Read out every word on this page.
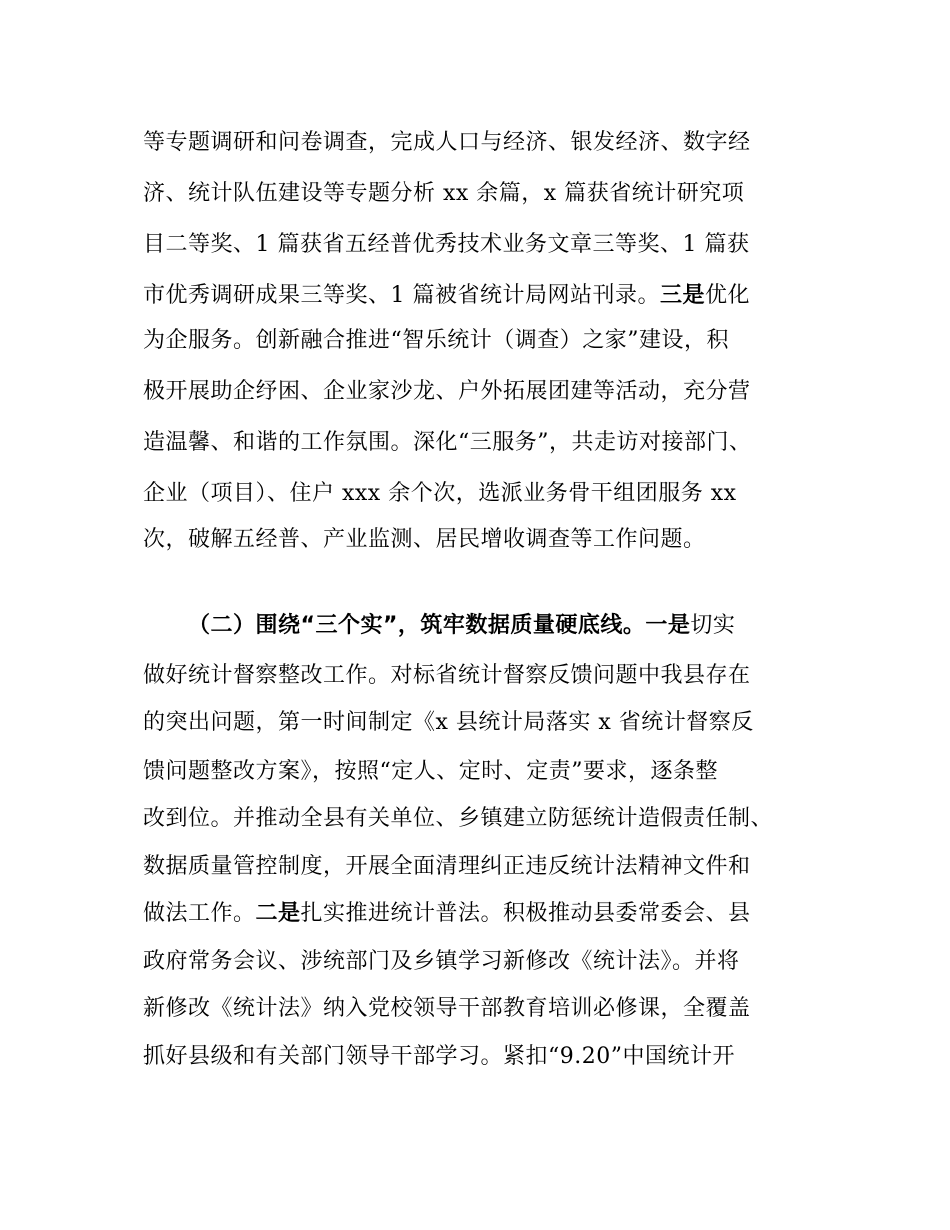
等专题调研和问卷调查，完成人口与经济、银发经济、数字经
济、统计队伍建设等专题分析 xx 余篇，x 篇获省统计研究项
目二等奖、1 篇获省五经普优秀技术业务文章三等奖、1 篇获
市优秀调研成果三等奖、1 篇被省统计局网站刊录。三是优化
为企服务。创新融合推进“智乐统计（调查）之家”建设，积
极开展助企纾困、企业家沙龙、户外拓展团建等活动，充分营
造温馨、和谐的工作氛围。深化“三服务”，共走访对接部门、
企业（项目）、住户 xxx 余个次，选派业务骨干组团服务 xx
次，破解五经普、产业监测、居民增收调查等工作问题。
（二）围绕“三个实”，筑牢数据质量硬底线。一是切实
做好统计督察整改工作。对标省统计督察反馈问题中我县存在
的突出问题，第一时间制定《x 县统计局落实 x 省统计督察反
馈问题整改方案》，按照“定人、定时、定责”要求，逐条整
改到位。并推动全县有关单位、乡镇建立防惩统计造假责任制、
数据质量管控制度，开展全面清理纠正违反统计法精神文件和
做法工作。二是扎实推进统计普法。积极推动县委常委会、县
政府常务会议、涉统部门及乡镇学习新修改《统计法》。并将
新修改《统计法》纳入党校领导干部教育培训必修课，全覆盖
抓好县级和有关部门领导干部学习。紧扣“9.20”中国统计开
